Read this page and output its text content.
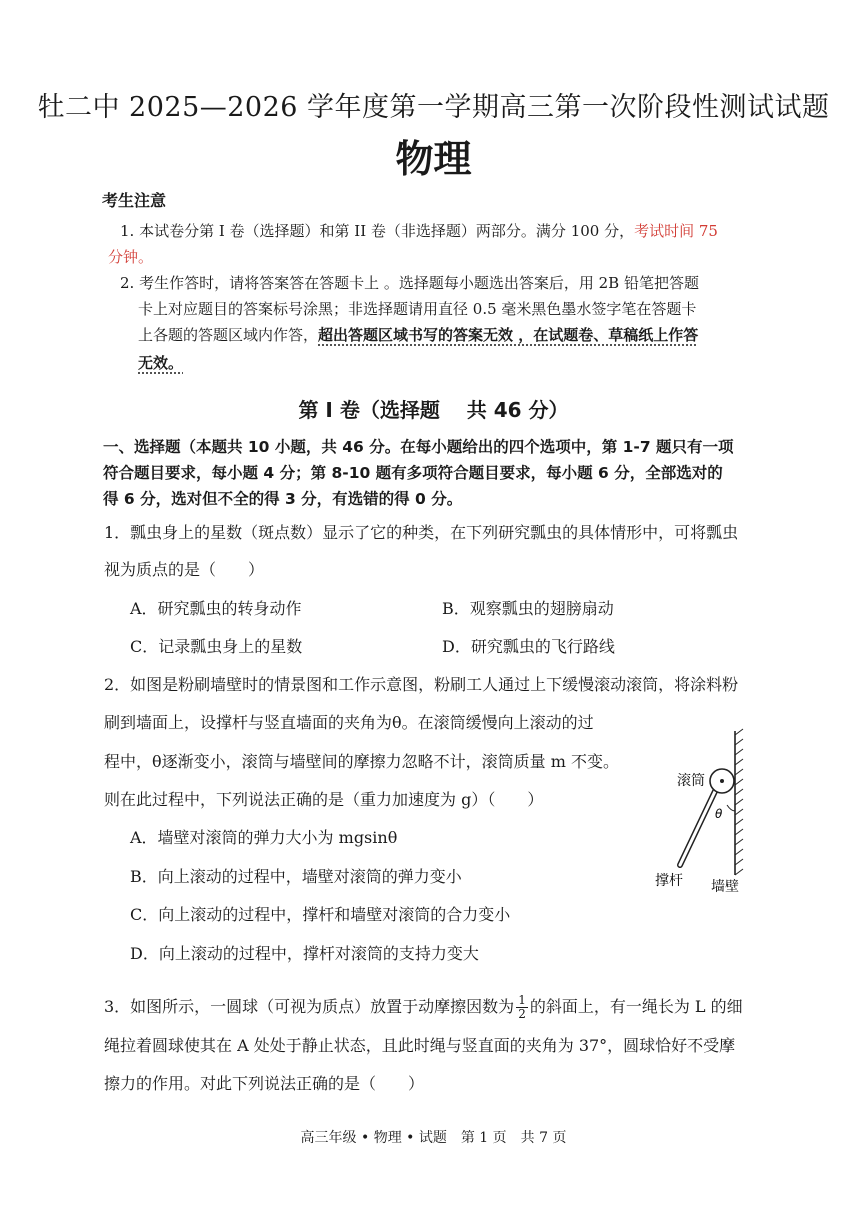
牡二中 2025—2026 学年度第一学期高三第一次阶段性测试试题
物理
考生注意
1. 本试卷分第 I 卷（选择题）和第 II 卷（非选择题）两部分。满分 100 分，考试时间 75
分钟。
2. 考生作答时，请将答案答在答题卡上 。选择题每小题选出答案后，用 2B 铅笔把答题
卡上对应题目的答案标号涂黑；非选择题请用直径 0.5 毫米黑色墨水签字笔在答题卡
上各题的答题区域内作答，超出答题区域书写的答案无效 ，在试题卷、草稿纸上作答
无效。
第 I 卷（选择题　 共 46 分）
一、选择题（本题共 10 小题，共 46 分。在每小题给出的四个选项中，第 1-7 题只有一项
符合题目要求，每小题 4 分；第 8-10 题有多项符合题目要求，每小题 6 分，全部选对的
得 6 分，选对但不全的得 3 分，有选错的得 0 分。
1．瓢虫身上的星数（斑点数）显示了它的种类，在下列研究瓢虫的具体情形中，可将瓢虫
视为质点的是（　　）
A．研究瓢虫的转身动作	B．观察瓢虫的翅膀扇动
C．记录瓢虫身上的星数	D．研究瓢虫的飞行路线
2．如图是粉刷墙壁时的情景图和工作示意图，粉刷工人通过上下缓慢滚动滚筒，将涂料粉
刷到墙面上，设撑杆与竖直墙面的夹角为θ。在滚筒缓慢向上滚动的过
程中，θ逐渐变小，滚筒与墙壁间的摩擦力忽略不计，滚筒质量 m 不变。
则在此过程中，下列说法正确的是（重力加速度为 g）（　　）
A．墙壁对滚筒的弹力大小为 mgsinθ
B．向上滚动的过程中，墙壁对滚筒的弹力变小
C．向上滚动的过程中，撑杆和墙壁对滚筒的合力变小
D．向上滚动的过程中，撑杆对滚筒的支持力变大
滚筒
θ
撑杆 墙壁
3．如图所示，一圆球（可视为质点）放置于动摩擦因数为 $\frac{1}{2}$ 的斜面上，有一绳长为 L 的细
绳拉着圆球使其在 A 处处于静止状态，且此时绳与竖直面的夹角为 37°，圆球恰好不受摩
擦力的作用。对此下列说法正确的是（　　）
高三年级 • 物理 • 试题　第 1 页　共 7 页
